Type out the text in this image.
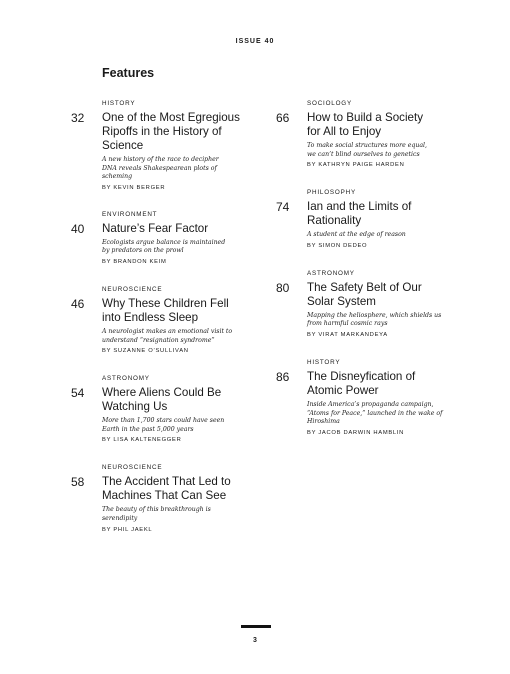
ISSUE 40
Features
HISTORY
32 One of the Most Egregious Ripoffs in the History of Science
A new history of the race to decipher DNA reveals Shakespearean plots of scheming
BY KEVIN BERGER
ENVIRONMENT
40 Nature’s Fear Factor
Ecologists argue balance is maintained by predators on the prowl
BY BRANDON KEIM
NEUROSCIENCE
46 Why These Children Fell into Endless Sleep
A neurologist makes an emotional visit to understand “resignation syndrome”
BY SUZANNE O’SULLIVAN
ASTRONOMY
54 Where Aliens Could Be Watching Us
More than 1,700 stars could have seen Earth in the past 5,000 years
BY LISA KALTENEGGER
NEUROSCIENCE
58 The Accident That Led to Machines That Can See
The beauty of this breakthrough is serendipity
BY PHIL JAEKL
SOCIOLOGY
66 How to Build a Society for All to Enjoy
To make social structures more equal, we can’t blind ourselves to genetics
BY KATHRYN PAIGE HARDEN
PHILOSOPHY
74 Ian and the Limits of Rationality
A student at the edge of reason
BY SIMON DEDEO
ASTRONOMY
80 The Safety Belt of Our Solar System
Mapping the heliosphere, which shields us from harmful cosmic rays
BY VIRAT MARKANDEYA
HISTORY
86 The Disneyfication of Atomic Power
Inside America’s propaganda campaign, “Atoms for Peace,” launched in the wake of Hiroshima
BY JACOB DARWIN HAMBLIN
3
